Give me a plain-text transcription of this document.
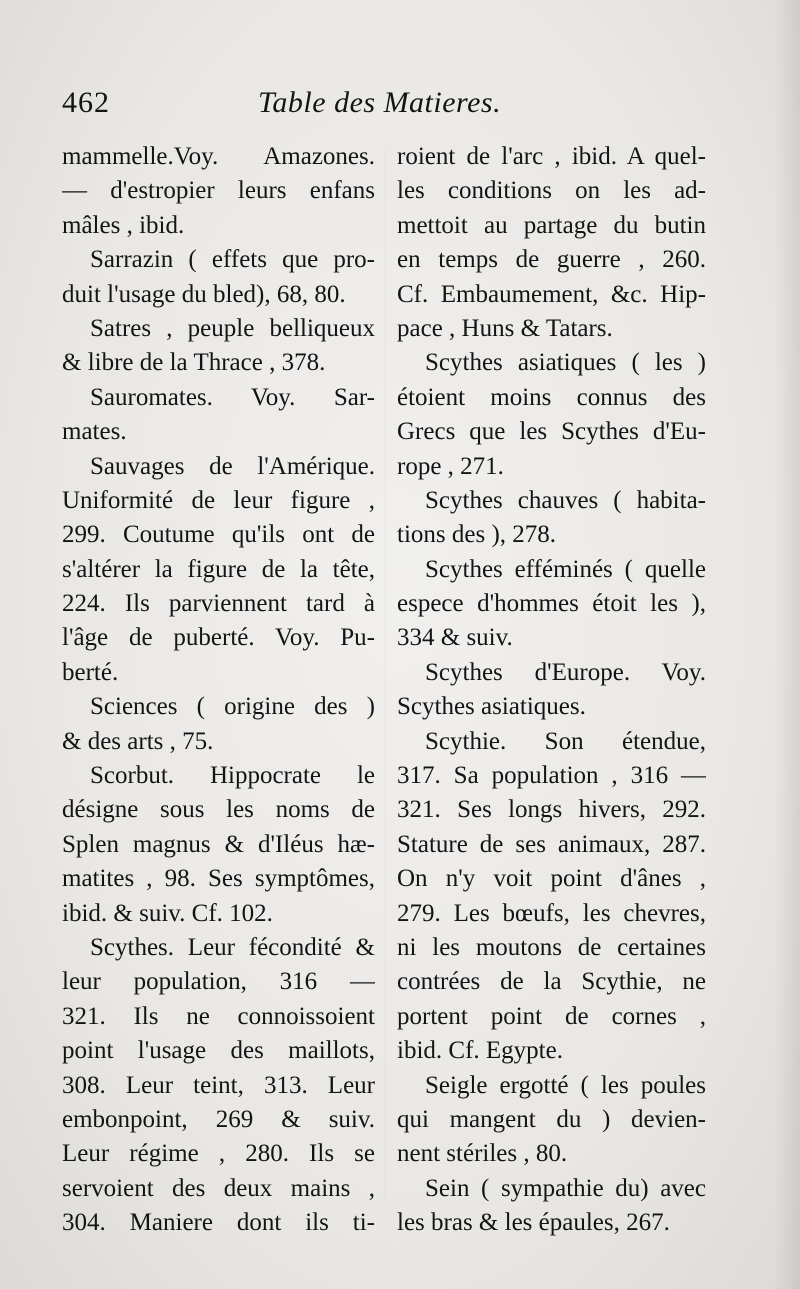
462	Table des Matieres.
mammelle.Voy. Amazones.
— d'estropier leurs enfans
mâles , ibid.
Sarrazin ( effets que pro-
duit l'usage du bled), 68, 80.
Satres , peuple belliqueux
& libre de la Thrace , 378.
Sauromates. Voy. Sar-
mates.
Sauvages de l'Amérique.
Uniformité de leur figure ,
299. Coutume qu'ils ont de
s'altérer la figure de la tête,
224. Ils parviennent tard à
l'âge de puberté. Voy. Pu-
berté.
Sciences ( origine des )
& des arts , 75.
Scorbut. Hippocrate le
désigne sous les noms de
Splen magnus & d'Iléus hæ-
matites , 98. Ses symptômes,
ibid. & suiv. Cf. 102.
Scythes. Leur fécondité &
leur population, 316 —
321. Ils ne connoissoient
point l'usage des maillots,
308. Leur teint, 313. Leur
embonpoint, 269 & suiv.
Leur régime , 280. Ils se
servoient des deux mains ,
304. Maniere dont ils ti-
roient de l'arc , ibid. A quel-
les conditions on les ad-
mettoit au partage du butin
en temps de guerre , 260.
Cf. Embaumement, &c. Hip-
pace , Huns & Tatars.
Scythes asiatiques ( les )
étoient moins connus des
Grecs que les Scythes d'Eu-
rope , 271.
Scythes chauves ( habita-
tions des ), 278.
Scythes efféminés ( quelle
espece d'hommes étoit les ),
334 & suiv.
Scythes d'Europe. Voy.
Scythes asiatiques.
Scythie. Son étendue,
317. Sa population , 316 —
321. Ses longs hivers, 292.
Stature de ses animaux, 287.
On n'y voit point d'ânes ,
279. Les bœufs, les chevres,
ni les moutons de certaines
contrées de la Scythie, ne
portent point de cornes ,
ibid. Cf. Egypte.
Seigle ergotté ( les poules
qui mangent du ) devien-
nent stériles , 80.
Sein ( sympathie du) avec
les bras & les épaules, 267.
